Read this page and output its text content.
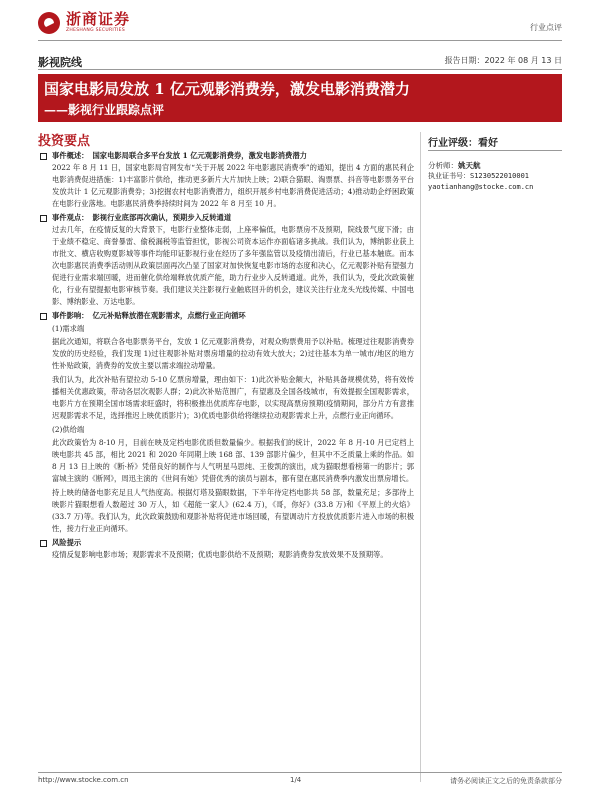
浙商证券
ZHESHANG SECURITIES	行业点评
影视院线	报告日期：2022 年 08 月 13 日
国家电影局发放 1 亿元观影消费券，激发电影消费潜力
——影视行业跟踪点评
投资要点
事件概述： 国家电影局联合多平台发放 1 亿元观影消费券，激发电影消费潜力

2022 年 8 月 11 日，国家电影局官网发布“关于开展 2022 年电影惠民消费季”的通知，提出 4 方面的惠民利企电影消费促进措施：1)丰富影片供给，推动更多新片大片加快上映；2)联合猫眼、淘票票、抖音等电影票务平台发放共计 1 亿元观影消费券；3)挖掘农村电影消费潜力，组织开展乡村电影消费促进活动；4)推动助企纾困政策在电影行业落地。电影惠民消费季持续时间为 2022 年 8 月至 10 月。

事件观点： 影视行业底部再次确认，预期步入反转通道

过去几年，在疫情反复的大背景下，电影行业整体走弱，上座率偏低，电影票房不及预期，院线景气度下滑；由于业绩不稳定、商誉暴雷、偷税漏税等监管担忧，影视公司资本运作亦面临诸多挑战。我们认为，博纳影业获上市批文、横店收购夏影城等事件均能印证影视行业在经历了多年强监管以及疫情出清后，行业已基本触底。而本次电影惠民消费季活动则从政策层面再次凸显了国家对加快恢复电影市场的态度和决心，亿元观影补贴有望强力促进行业需求端回暖，进而催化供给端释放优质产能，助力行业步入反转通道。此外，我们认为，受此次政策催化，行业有望提振电影审核节奏。我们建议关注影视行业触底回升的机会，建议关注行业龙头光线传媒、中国电影、博纳影业、万达电影。

事件影响： 亿元补贴释放潜在观影需求，点燃行业正向循环
(1)需求端

据此次通知，将联合各电影票务平台，发放 1 亿元观影消费券，对观众购票费用予以补贴。梳理过往观影消费券发放的历史经验，我们发现 1)过往观影补贴对票房增量的拉动有效大放大；2)过往基本为单一城市/地区的地方性补贴政策，消费券的发放主要以需求端拉动增量。

我们认为，此次补贴有望拉动 5-10 亿票房增量，理由如下：1)此次补贴金额大，补贴具备规模优势，将有效传播相关优惠政策，带动各层次观影人群；2)此次补贴范围广，有望惠及全国各线城市，有效提振全国观影需求，电影片方在预期全国市场需求旺盛时，将积极推出优质库存电影，以实现高票房预期(疫情期间，部分片方有意推迟观影需求不足，选择推迟上映优质影片)；3)优质电影供给将继续拉动观影需求上升，点燃行业正向循环。

(2)供给端

此次政策恰为 8-10 月，目前在映及定档电影优质但数量偏少。根据我们的统计，2022 年 8 月-10 月已定档上映电影共 45 部，相比 2021 和 2020 年同期上映 168 部、139 部影片偏少，但其中不乏质量上乘的作品。如 8 月 13 日上映的《断·桥》凭借良好的制作与人气明星马思纯、王俊凯的演出，成为猫眼想看榜第一的影片；郭富城主演的《断网》，周迅主演的《世间有她》凭借优秀的演员与剧本，都有望在惠民消费季内激发出票房增长。

持上映的储备电影充足且人气热度高。根据灯塔及猫眼数据，下半年待定档电影共 58 部，数量充足；多部待上映影片猫眼想看人数超过 30 万人，如《超能一家人》(62.4 万)，《哥，你好》(33.8 万)和《平原上的火焰》(33.7 万)等。我们认为，此次政策鼓励和观影补贴将促进市场回暖，有望调动片方投放优质影片进入市场的积极性，接力行业正向循环。

风险提示

疫情反复影响电影市场；观影需求不及预期；优质电影供给不及预期；观影消费券发放效果不及预期等。

行业评级：看好
分析师：姚天航
执业证书号：S1230522010001
yaotianhang@stocke.com.cn
http://www.stocke.com.cn	1/4	请务必阅读正文之后的免责条款部分
